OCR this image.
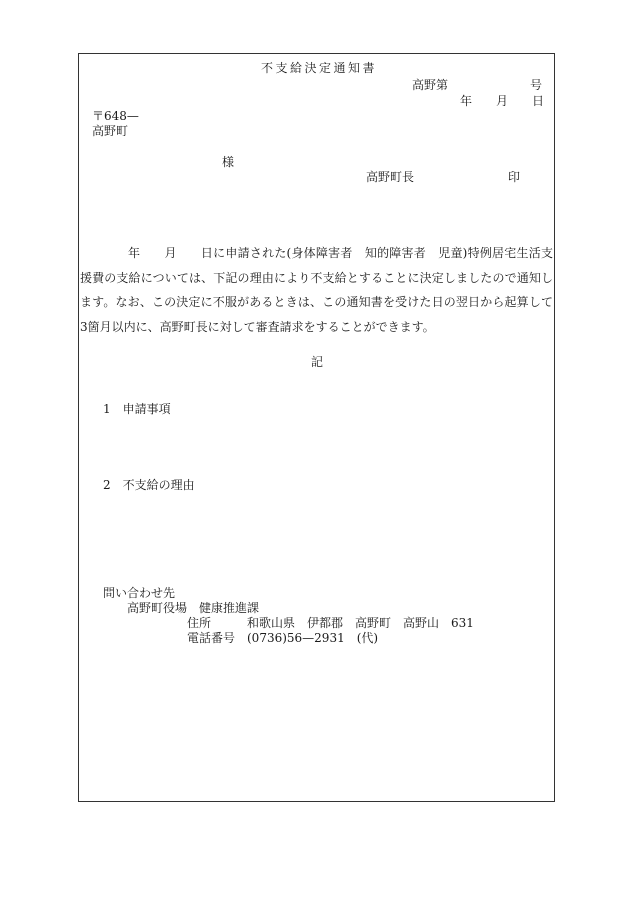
不支給決定通知書
高野第	号
年 月 日
〒648—
高野町
様
高野町長	印
年 月 日に申請された(身体障害者　知的障害者　児童)特例居宅生活支援費の支給については、下記の理由により不支給とすることに決定しましたので通知します。なお、この決定に不服があるときは、この通知書を受けた日の翌日から起算して3箇月以内に、高野町長に対して審査請求をすることができます。
記
1 申請事項
2 不支給の理由
問い合わせ先
高野町役場　健康推進課
住所	和歌山県　伊都郡　高野町　高野山　631
電話番号 (0736)56—2931　(代)
